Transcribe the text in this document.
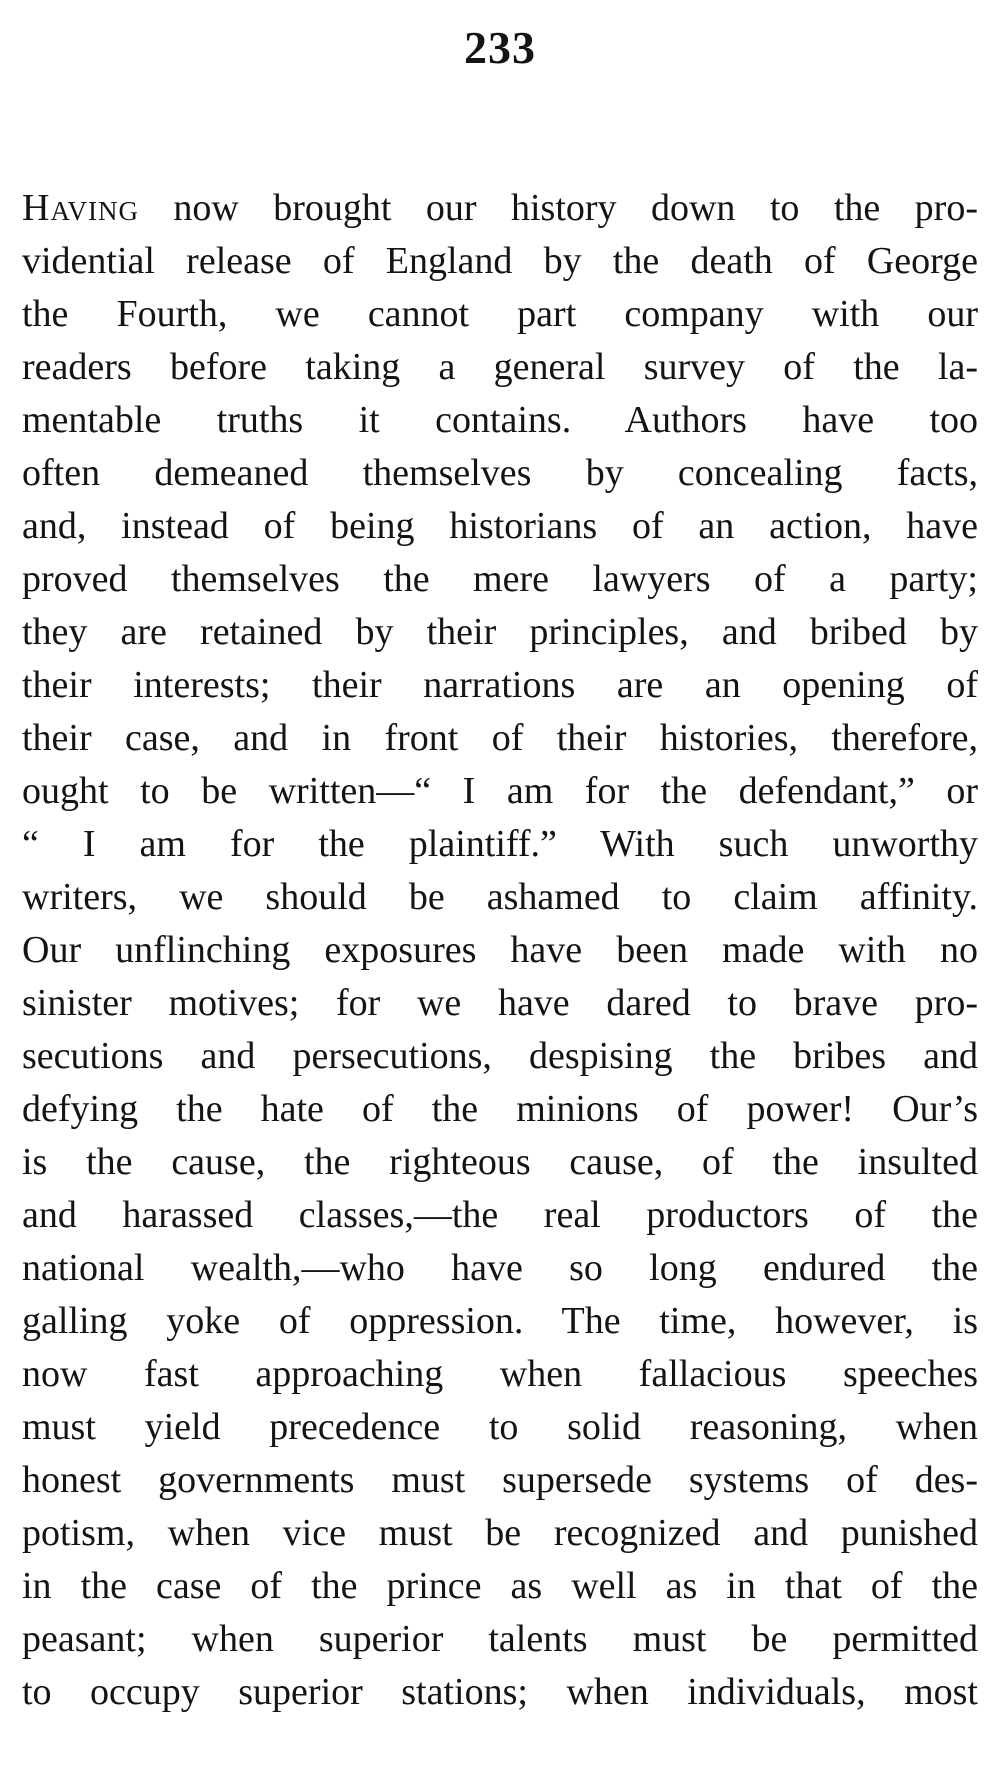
233
Having now brought our history down to the pro-
vidential release of England by the death of George
the Fourth, we cannot part company with our
readers before taking a general survey of the la-
mentable truths it contains. Authors have too
often demeaned themselves by concealing facts,
and, instead of being historians of an action, have
proved themselves the mere lawyers of a party;
they are retained by their principles, and bribed by
their interests; their narrations are an opening of
their case, and in front of their histories, therefore,
ought to be written—“ I am for the defendant,” or
“ I am for the plaintiff.” With such unworthy
writers, we should be ashamed to claim affinity.
Our unflinching exposures have been made with no
sinister motives; for we have dared to brave pro-
secutions and persecutions, despising the bribes and
defying the hate of the minions of power! Our’s
is the cause, the righteous cause, of the insulted
and harassed classes,—the real productors of the
national wealth,—who have so long endured the
galling yoke of oppression. The time, however, is
now fast approaching when fallacious speeches
must yield precedence to solid reasoning, when
honest governments must supersede systems of des-
potism, when vice must be recognized and punished
in the case of the prince as well as in that of the
peasant; when superior talents must be permitted
to occupy superior stations; when individuals, most
